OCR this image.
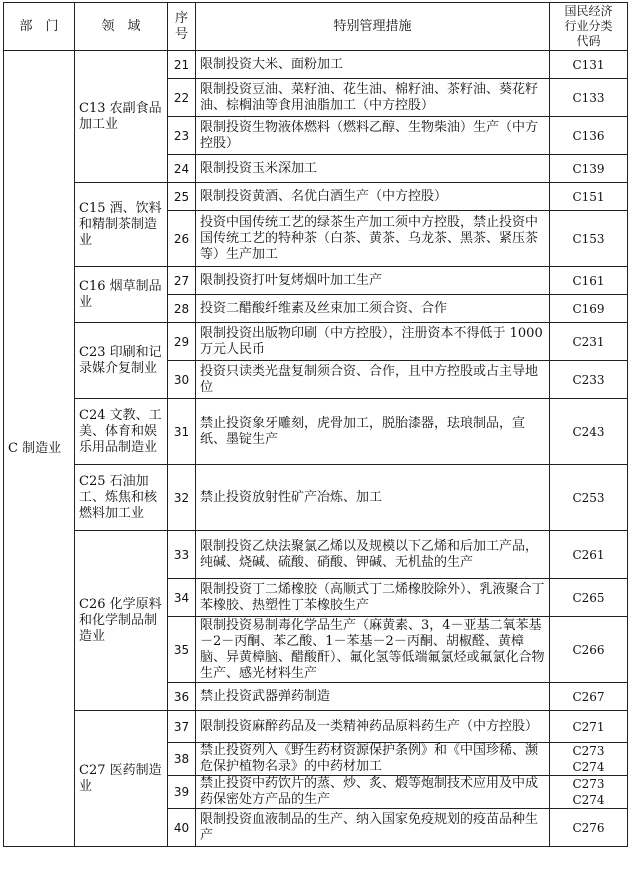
部　门	领　域	序号	特别管理措施	国民经济
行业分类
代码

C 制造业	C13 农副食品加工业	21	限制投资大米、面粉加工	C131
		22	限制投资豆油、菜籽油、花生油、棉籽油、茶籽油、葵花籽油、棕榈油等食用油脂加工（中方控股）	C133
		23	限制投资生物液体燃料（燃料乙醇、生物柴油）生产（中方控股）	C136
		24	限制投资玉米深加工	C139
	C15 酒、饮料和精制茶制造业	25	限制投资黄酒、名优白酒生产（中方控股）	C151
		26	投资中国传统工艺的绿茶生产加工须中方控股，禁止投资中国传统工艺的特种茶（白茶、黄茶、乌龙茶、黑茶、紧压茶等）生产加工	C153
	C16 烟草制品业	27	限制投资打叶复烤烟叶加工生产	C161
		28	投资二醋酸纤维素及丝束加工须合资、合作	C169
	C23 印刷和记录媒介复制业	29	限制投资出版物印刷（中方控股），注册资本不得低于 1000 万元人民币	C231
		30	投资只读类光盘复制须合资、合作，且中方控股或占主导地位	C233
	C24 文教、工美、体育和娱乐用品制造业	31	禁止投资象牙雕刻，虎骨加工，脱胎漆器，珐琅制品，宣纸、墨锭生产	C243
	C25 石油加工、炼焦和核燃料加工业	32	禁止投资放射性矿产冶炼、加工	C253
	C26 化学原料和化学制品制造业	33	限制投资乙炔法聚氯乙烯以及规模以下乙烯和后加工产品，纯碱、烧碱、硫酸、硝酸、钾碱、无机盐的生产	C261
		34	限制投资丁二烯橡胶（高顺式丁二烯橡胶除外）、乳液聚合丁苯橡胶、热塑性丁苯橡胶生产	C265
		35	限制投资易制毒化学品生产（麻黄素、3，4－亚基二氧苯基－2－丙酮、苯乙酸、1－苯基－2－丙酮、胡椒醛、黄樟脑、异黄樟脑、醋酸酐）、氟化氢等低端氟氯烃或氟氯化合物生产、感光材料生产	C266
		36	禁止投资武器弹药制造	C267
	C27 医药制造业	37	限制投资麻醉药品及一类精神药品原料药生产（中方控股）	C271
		38	禁止投资列入《野生药材资源保护条例》和《中国珍稀、濒危保护植物名录》的中药材加工	C273
C274
		39	禁止投资中药饮片的蒸、炒、炙、煅等炮制技术应用及中成药保密处方产品的生产	C273
C274
		40	限制投资血液制品的生产、纳入国家免疫规划的疫苗品种生产	C276
